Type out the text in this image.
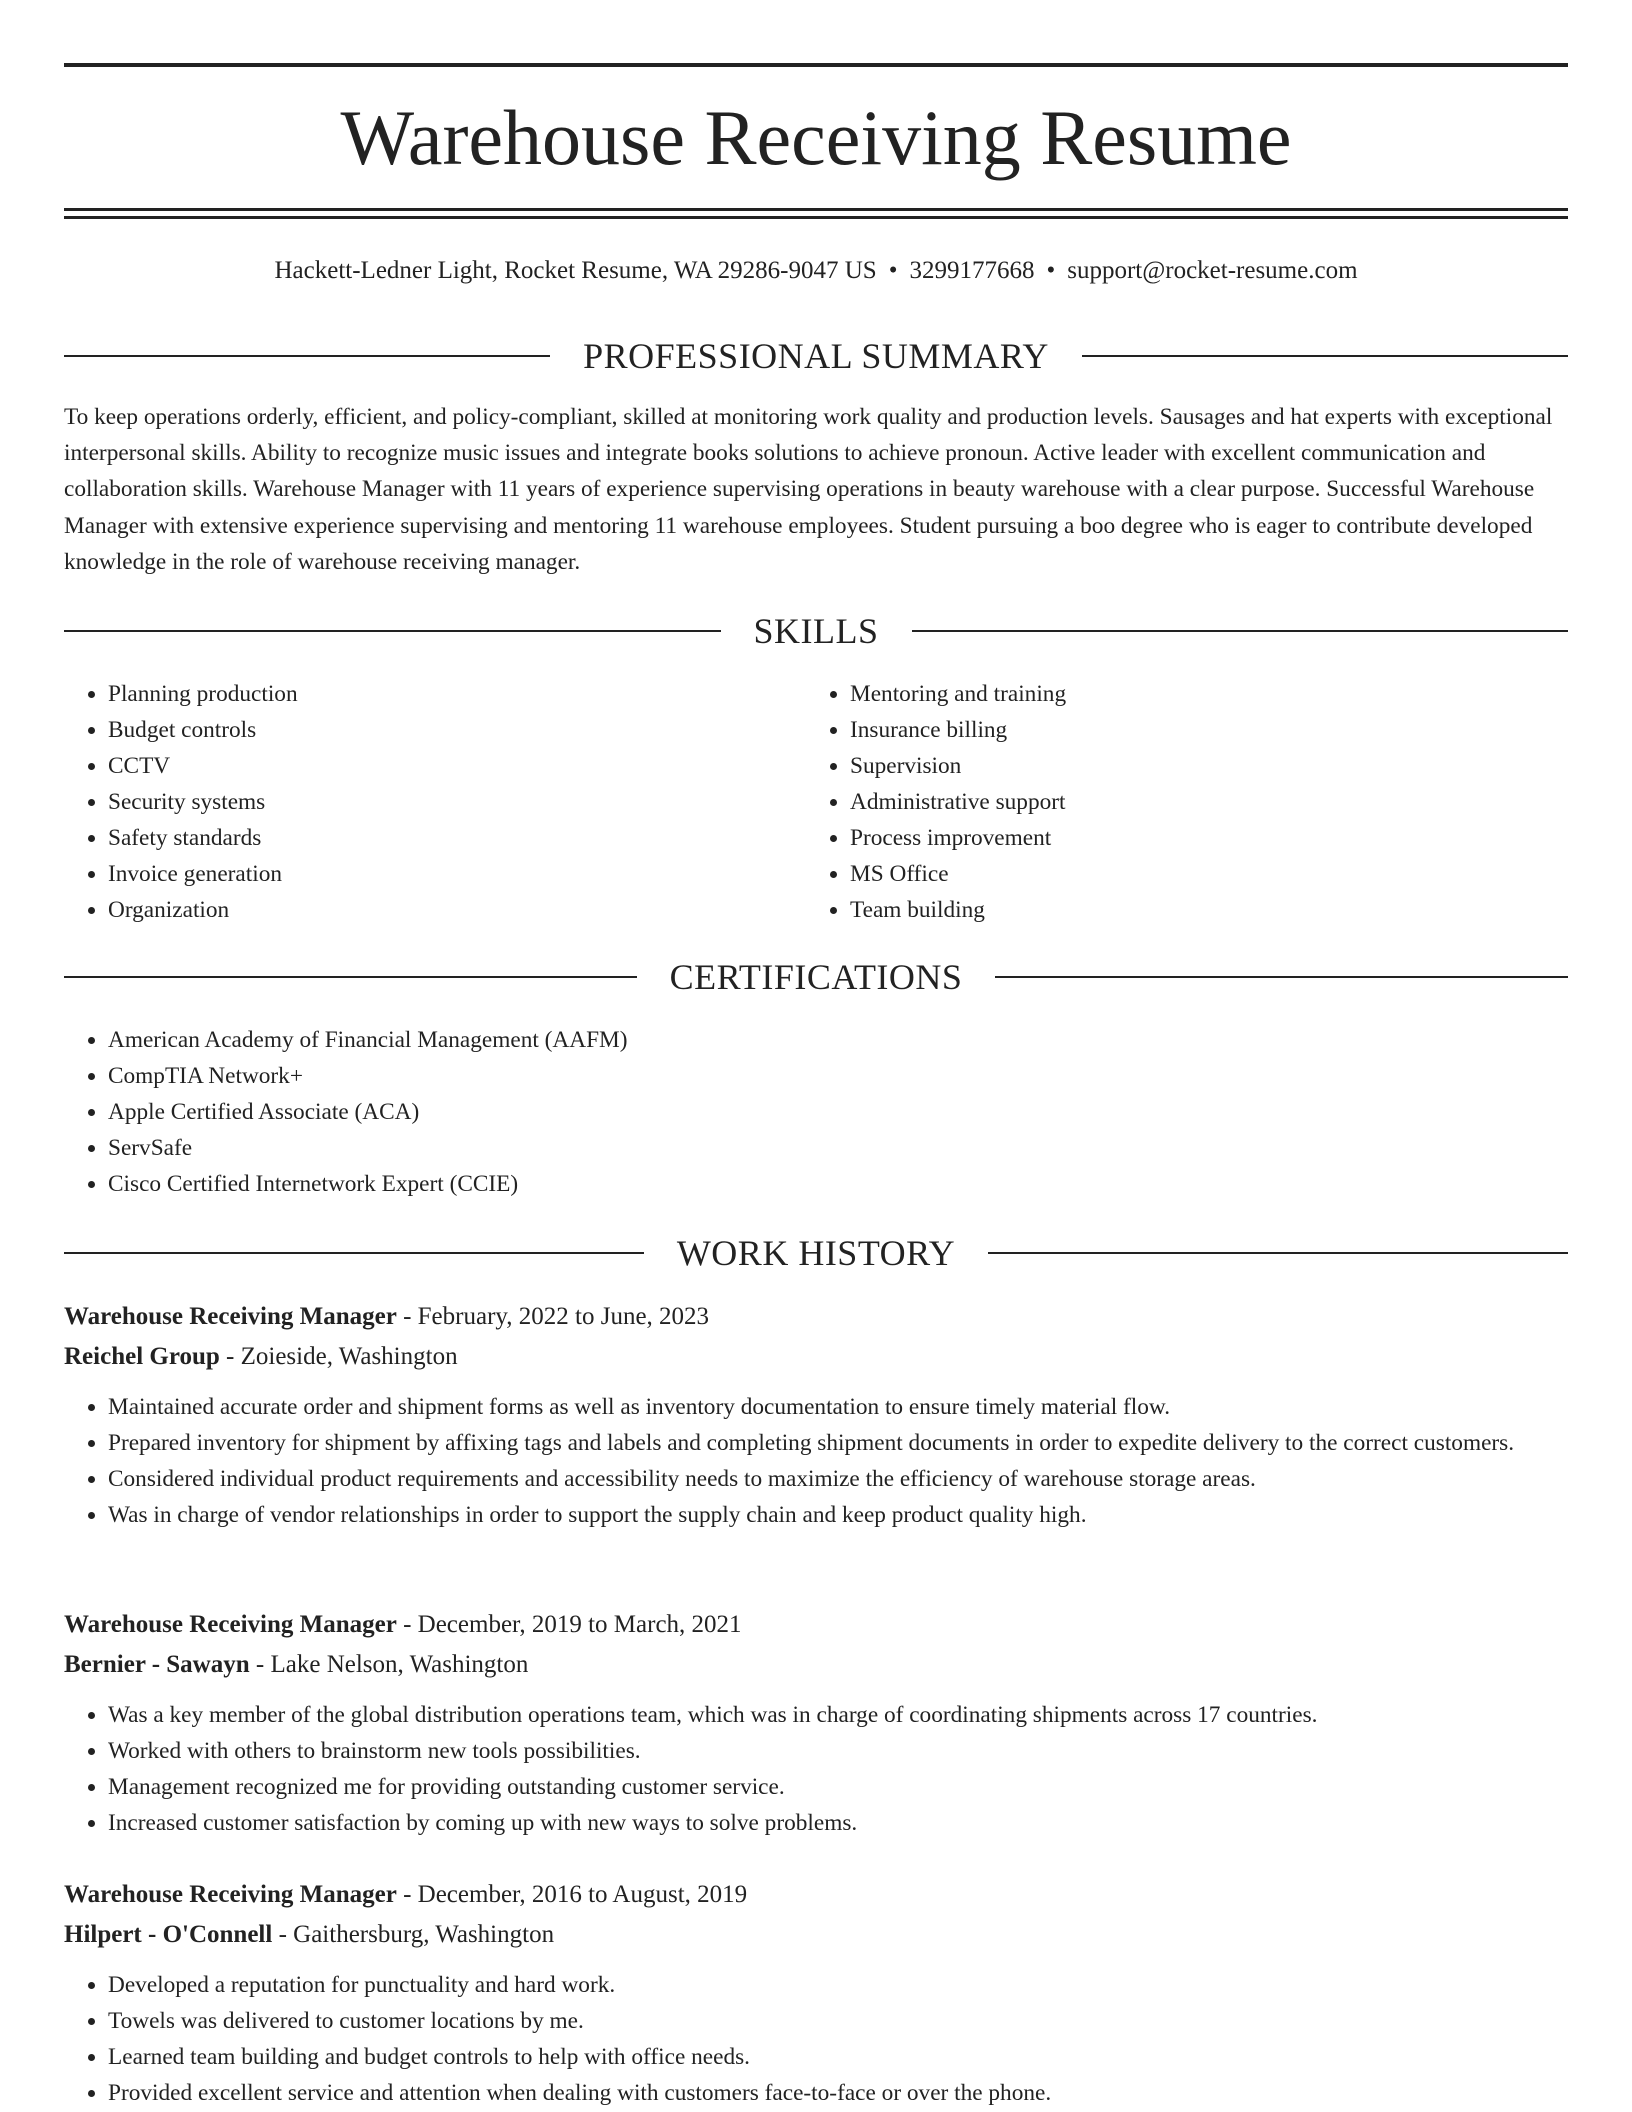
Warehouse Receiving Resume
Hackett-Ledner Light, Rocket Resume, WA 29286-9047 US • 3299177668 • support@rocket-resume.com
PROFESSIONAL SUMMARY

To keep operations orderly, efficient, and policy-compliant, skilled at monitoring work quality and production levels. Sausages and hat experts with exceptional interpersonal skills. Ability to recognize music issues and integrate books solutions to achieve pronoun. Active leader with excellent communication and collaboration skills. Warehouse Manager with 11 years of experience supervising operations in beauty warehouse with a clear purpose. Successful Warehouse Manager with extensive experience supervising and mentoring 11 warehouse employees. Student pursuing a boo degree who is eager to contribute developed knowledge in the role of warehouse receiving manager.

SKILLS
• Planning production
• Budget controls
• CCTV
• Security systems
• Safety standards
• Invoice generation
• Organization
• Mentoring and training
• Insurance billing
• Supervision
• Administrative support
• Process improvement
• MS Office
• Team building
CERTIFICATIONS
• American Academy of Financial Management (AAFM)
• CompTIA Network+
• Apple Certified Associate (ACA)
• ServSafe
• Cisco Certified Internetwork Expert (CCIE)
WORK HISTORY

Warehouse Receiving Manager - February, 2022 to June, 2023

Reichel Group - Zoieside, Washington

• Maintained accurate order and shipment forms as well as inventory documentation to ensure timely material flow.
• Prepared inventory for shipment by affixing tags and labels and completing shipment documents in order to expedite delivery to the correct customers.
• Considered individual product requirements and accessibility needs to maximize the efficiency of warehouse storage areas.
• Was in charge of vendor relationships in order to support the supply chain and keep product quality high.

Warehouse Receiving Manager - December, 2019 to March, 2021

Bernier - Sawayn - Lake Nelson, Washington

• Was a key member of the global distribution operations team, which was in charge of coordinating shipments across 17 countries.
• Worked with others to brainstorm new tools possibilities.
• Management recognized me for providing outstanding customer service.
• Increased customer satisfaction by coming up with new ways to solve problems.

Warehouse Receiving Manager - December, 2016 to August, 2019

Hilpert - O'Connell - Gaithersburg, Washington

• Developed a reputation for punctuality and hard work.
• Towels was delivered to customer locations by me.
• Learned team building and budget controls to help with office needs.
• Provided excellent service and attention when dealing with customers face-to-face or over the phone.
